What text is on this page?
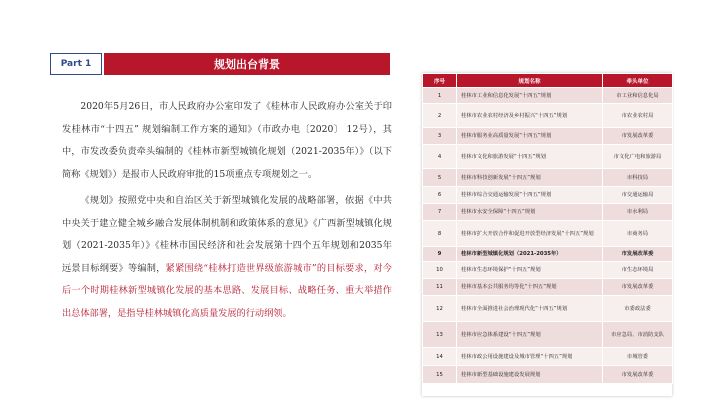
Part 1	规划出台背景

2020年5月26日，市人民政府办公室印发了《桂林市人民政府办公室关于印发桂林市“十四五” 规划编制工作方案的通知》（市政办电〔2020〕 12号），其中，市发改委负责牵头编制的《桂林市新型城镇化规划（2021-2035年）》（以下简称《规划》）是报市人民政府审批的15项重点专项规划之一。

《规划》按照党中央和自治区关于新型城镇化发展的战略部署，依据《中共中央关于建立健全城乡融合发展体制机制和政策体系的意见》《广西新型城镇化规划（2021-2035年）》《桂林市国民经济和社会发展第十四个五年规划和2035年远景目标纲要》等编制，紧紧围绕“桂林打造世界级旅游城市”的目标要求，对今后一个时期桂林新型城镇化发展的基本思路、发展目标、战略任务、重大举措作出总体部署，是指导桂林城镇化高质量发展的行动纲领。

序号	规划名称	牵头单位
1	桂林市工业和信息化发展“十四五”规划	市工业和信息化局
2	桂林市农业农村经济及乡村振兴“十四五”规划	市农业农村局
3	桂林市服务业高质量发展“十四五”规划	市发展改革委
4	桂林市文化和旅游发展“十四五”规划	市文化广电和旅游局
5	桂林市科技创新发展“十四五”规划	市科技局
6	桂林市综合交通运输发展“十四五”规划	市交通运输局
7	桂林市水安全保障“十四五”规划	市水利局
8	桂林市扩大开放合作和促进开放型经济发展“十四五”规划	市商务局
9	桂林市新型城镇化规划（2021-2035年）	市发展改革委
10	桂林市生态环境保护“十四五”规划	市生态环境局
11	桂林市基本公共服务均等化“十四五”规划	市发展改革委
12	桂林市全面推进社会治理现代化“十四五”规划	市委政法委
13	桂林市应急体系建设“十四五”规划	市应急局、市消防支队
14	桂林市政公用设施建设及城市管理“十四五”规划	市城管委
15	桂林市新型基础设施建设发展规划	市发展改革委
